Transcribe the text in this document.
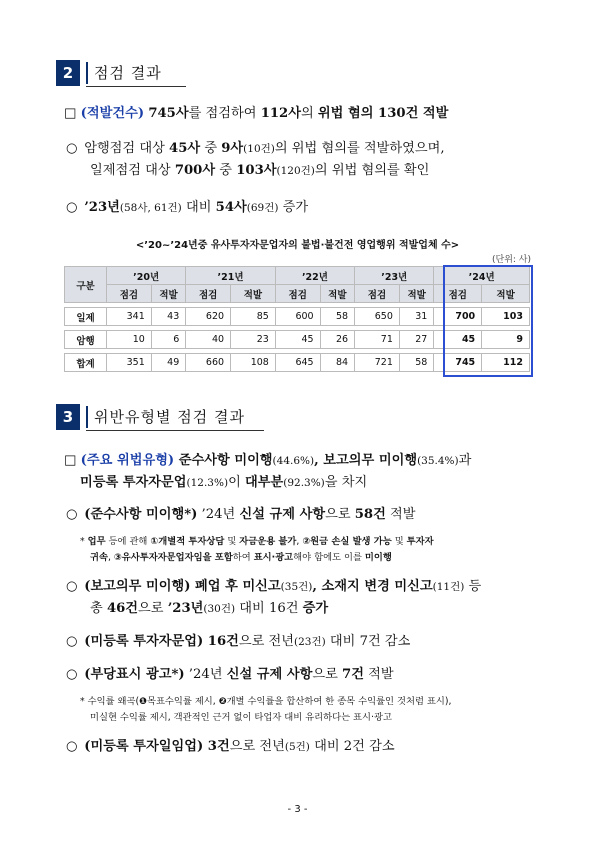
2	점검 결과
□ (적발건수) 745사를 점검하여 112사의 위법 혐의 130건 적발
○ 암행점검 대상 45사 중 9사(10건)의 위법 혐의를 적발하였으며,
일제점검 대상 700사 중 103사(120건)의 위법 혐의를 확인
○ ’23년(58사, 61건) 대비 54사(69건) 증가
<’20~’24년중 유사투자자문업자의 불법·불건전 영업행위 적발업체 수>
(단위: 사)
구분	’20년		’21년		’22년		’23년		’24년	
	점검	적발	점검	적발	점검	적발	점검	적발	점검	적발

일제	341	43	620	85	600	58	650	31	700	103

암행	10	6	40	23	45	26	71	27	45	9

합계	351	49	660	108	645	84	721	58	745	112
3	위반유형별 점검 결과
□ (주요 위법유형) 준수사항 미이행(44.6%), 보고의무 미이행(35.4%)과
미등록 투자자문업(12.3%)이 대부분(92.3%)을 차지
○ (준수사항 미이행*) ’24년 신설 규제 사항으로 58건 적발
* 업무 등에 관해 ①개별적 투자상담 및 자금운용 불가, ②원금 손실 발생 가능 및 투자자
귀속, ③유사투자자문업자임을 포함하여 표시·광고해야 함에도 이를 미이행
○ (보고의무 미이행) 폐업 후 미신고(35건), 소재지 변경 미신고(11건) 등
총 46건으로 ’23년(30건) 대비 16건 증가
○ (미등록 투자자문업) 16건으로 전년(23건) 대비 7건 감소
○ (부당표시 광고*) ’24년 신설 규제 사항으로 7건 적발
* 수익률 왜곡(❶목표수익률 제시, ❷개별 수익률을 합산하여 한 종목 수익률인 것처럼 표시),
미실현 수익률 제시, 객관적인 근거 없이 타업자 대비 유리하다는 표시·광고
○ (미등록 투자일임업) 3건으로 전년(5건) 대비 2건 감소
- 3 -
